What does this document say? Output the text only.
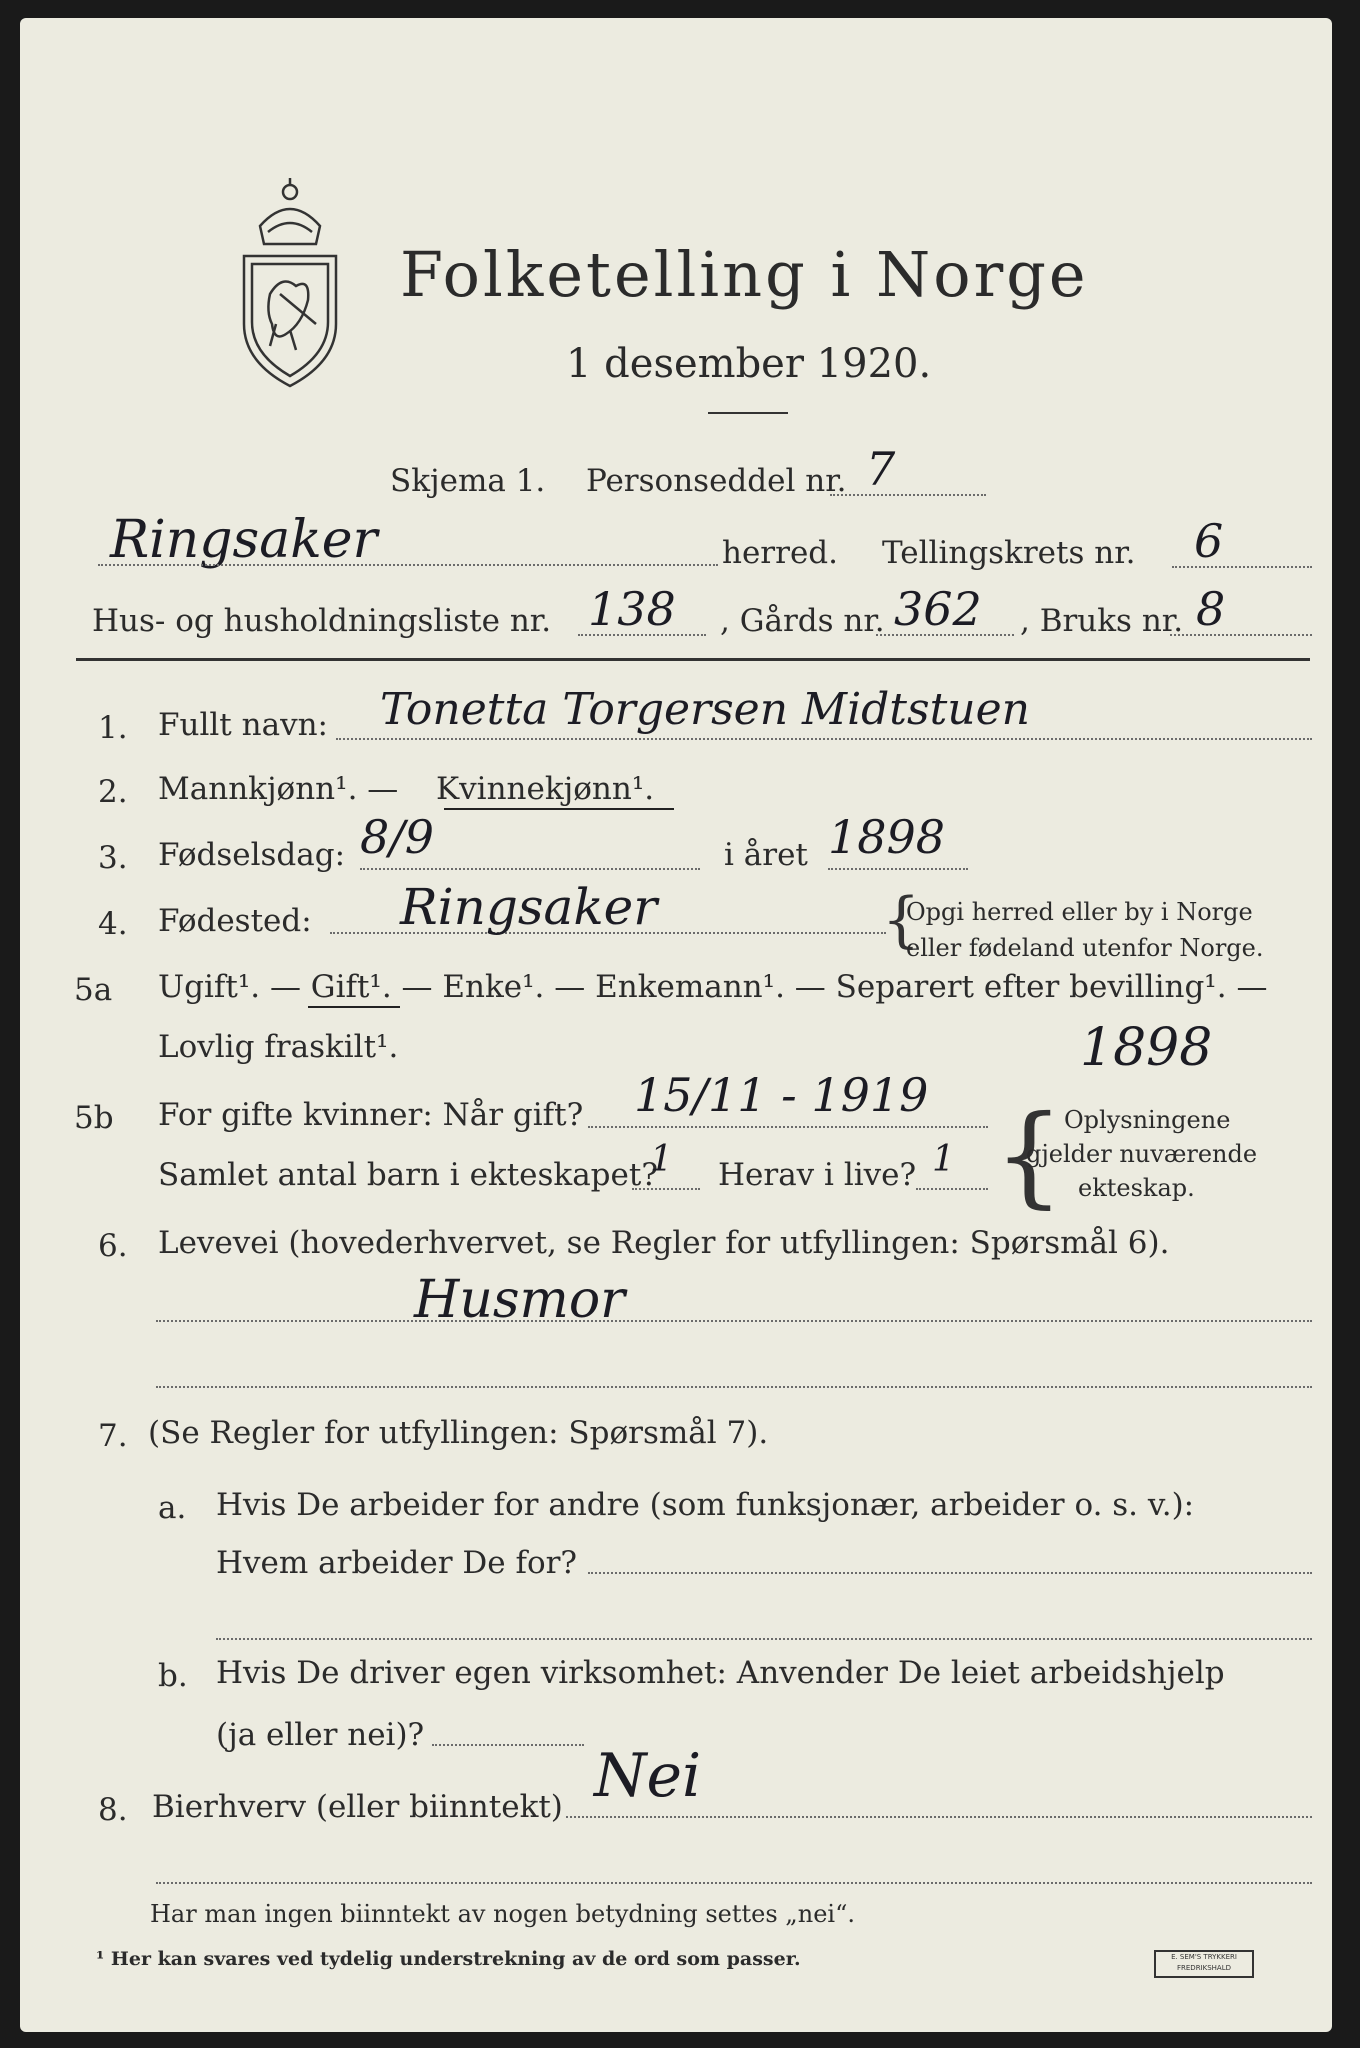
Folketelling i Norge
1 desember 1920.
Skjema 1. Personseddel nr. 7
Ringsaker	herred. Tellingskrets nr. 6
Hus- og husholdningsliste nr. 138 , Gårds nr. 362 , Bruks nr. 8
1. Fullt navn: Tonetta Torgersen Midtstuen
2. Mannkjønn¹. — Kvinnekjønn¹.
3. Fødselsdag: 8/9	i året 1898
4. Fødested: Ringsaker	{
Opgi herred eller by i Norge
eller fødeland utenfor Norge.
5a Ugift¹. — Gift¹. — Enke¹. — Enkemann¹. — Separert efter bevilling¹. —
Lovlig fraskilt¹.	1898
5b For gifte kvinner: Når gift? 15/11 - 1919
Samlet antal barn i ekteskapet?
1 Herav i live? 1 { Oplysningene
gjelder nuværende
ekteskap.
6. Levevei (hovederhvervet, se Regler for utfyllingen: Spørsmål 6).
Husmor
7. (Se Regler for utfyllingen: Spørsmål 7).
a. Hvis De arbeider for andre (som funksjonær, arbeider o. s. v.):
Hvem arbeider De for?
b. Hvis De driver egen virksomhet: Anvender De leiet arbeidshjelp
(ja eller nei)?
8. Bierhverv (eller biinntekt) Nei
Har man ingen biinntekt av nogen betydning settes „nei“.
¹ Her kan svares ved tydelig understrekning av de ord som passer.	E. SEM'S TRYKKERI
FREDRIKSHALD
